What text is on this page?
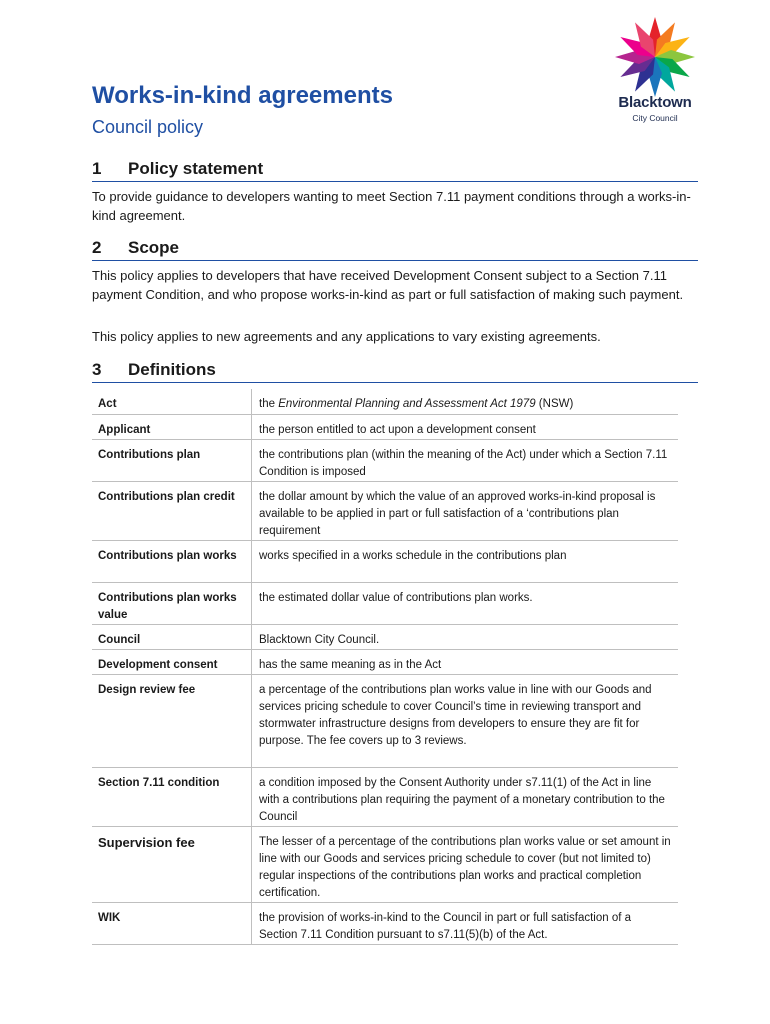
Blacktown
City Council
Works-in-kind agreements
Council policy
1 Policy statement
To provide guidance to developers wanting to meet Section 7.11 payment conditions through a works-in-kind agreement.
2 Scope
This policy applies to developers that have received Development Consent subject to a Section 7.11 payment Condition, and who propose works-in-kind as part or full satisfaction of making such payment.
This policy applies to new agreements and any applications to vary existing agreements.
3 Definitions
Act	the Environmental Planning and Assessment Act 1979 (NSW)
Applicant	the person entitled to act upon a development consent
Contributions plan	the contributions plan (within the meaning of the Act) under which a Section 7.11 Condition is imposed
Contributions plan credit	the dollar amount by which the value of an approved works-in-kind proposal is available to be applied in part or full satisfaction of a ‘contributions plan requirement
Contributions plan works	works specified in a works schedule in the contributions plan
Contributions plan works value	the estimated dollar value of contributions plan works.
Council	Blacktown City Council.
Development consent	has the same meaning as in the Act
Design review fee	a percentage of the contributions plan works value in line with our Goods and services pricing schedule to cover Council’s time in reviewing transport and stormwater infrastructure designs from developers to ensure they are fit for purpose. The fee covers up to 3 reviews.
Section 7.11 condition	a condition imposed by the Consent Authority under s7.11(1) of the Act in line with a contributions plan requiring the payment of a monetary contribution to the Council
Supervision fee	The lesser of a percentage of the contributions plan works value or set amount in line with our Goods and services pricing schedule to cover (but not limited to) regular inspections of the contributions plan works and practical completion certification.
WIK	the provision of works-in-kind to the Council in part or full satisfaction of a Section 7.11 Condition pursuant to s7.11(5)(b) of the Act.
